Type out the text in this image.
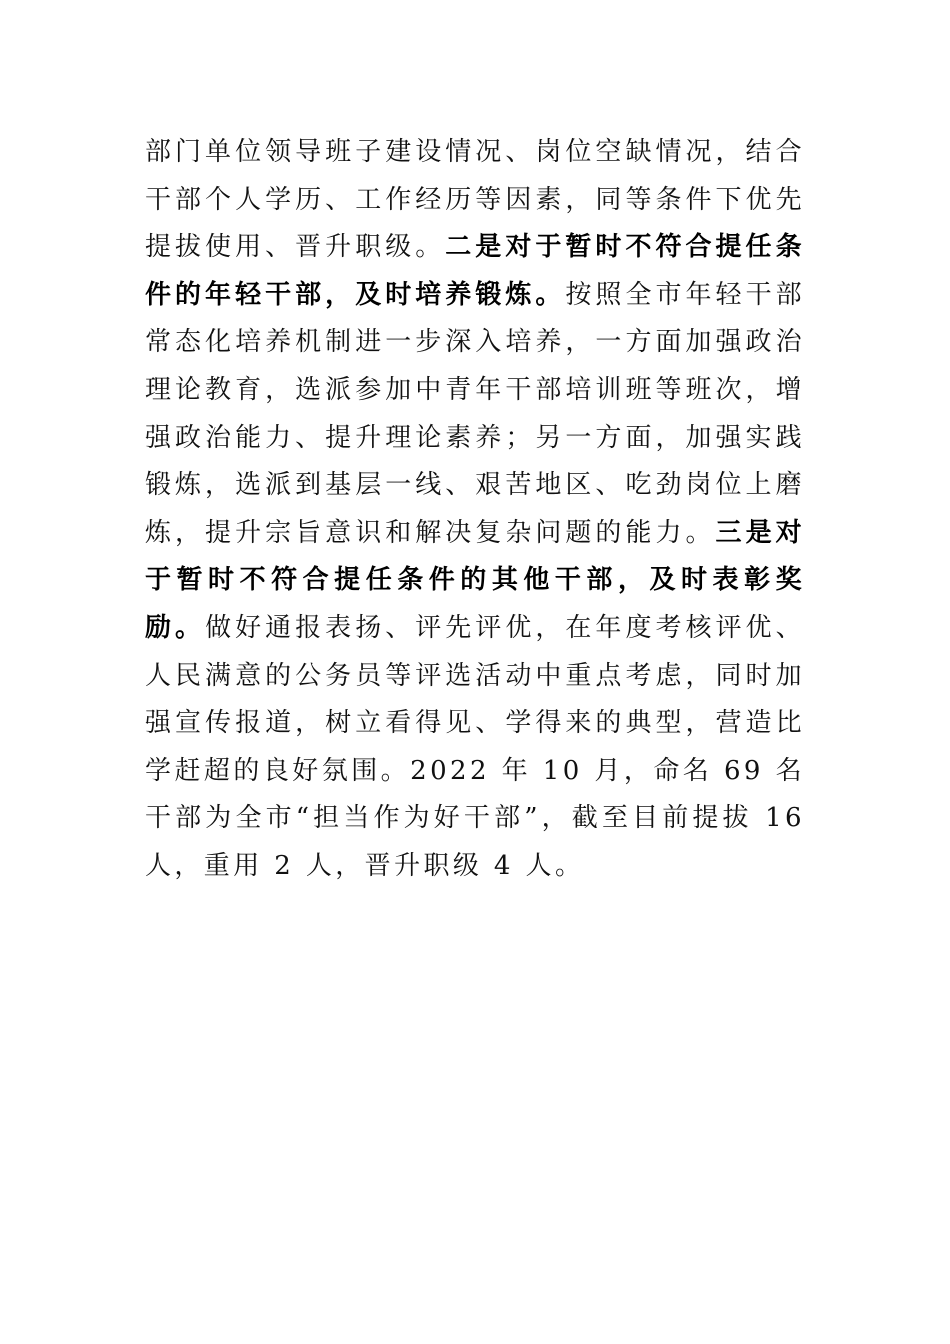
部门单位领导班子建设情况、岗位空缺情况，结合干部个人学历、工作经历等因素，同等条件下优先提拔使用、晋升职级。二是对于暂时不符合提任条件的年轻干部，及时培养锻炼。按照全市年轻干部常态化培养机制进一步深入培养，一方面加强政治理论教育，选派参加中青年干部培训班等班次，增强政治能力、提升理论素养；另一方面，加强实践锻炼，选派到基层一线、艰苦地区、吃劲岗位上磨炼，提升宗旨意识和解决复杂问题的能力。三是对于暂时不符合提任条件的其他干部，及时表彰奖励。做好通报表扬、评先评优，在年度考核评优、人民满意的公务员等评选活动中重点考虑，同时加强宣传报道，树立看得见、学得来的典型，营造比学赶超的良好氛围。2022 年 10 月，命名 69 名干部为全市“担当作为好干部”，截至目前提拔 16 人，重用 2 人，晋升职级 4 人。
